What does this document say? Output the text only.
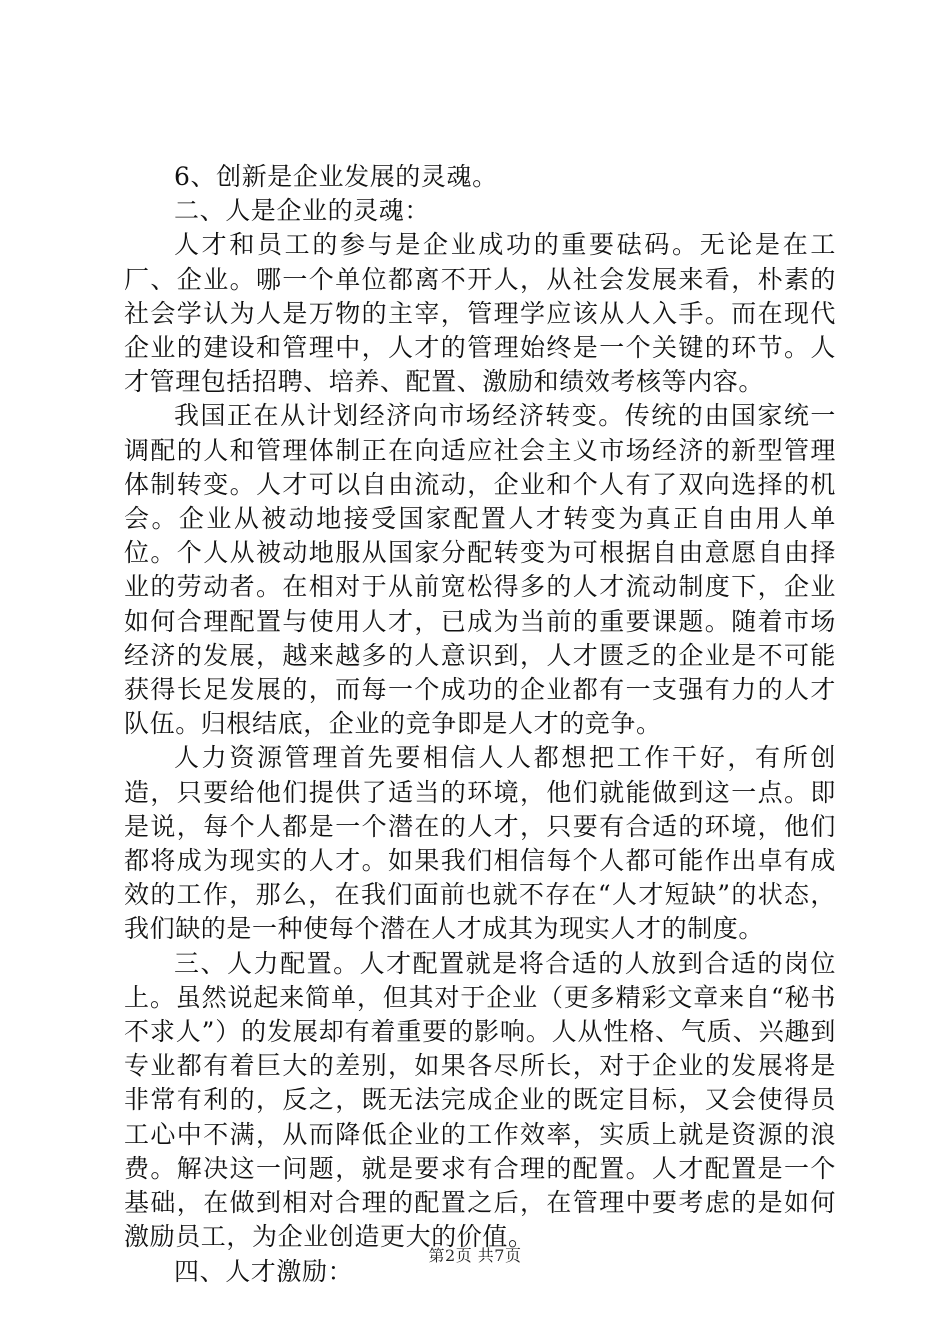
6、创新是企业发展的灵魂。

二、人是企业的灵魂：

人才和员工的参与是企业成功的重要砝码。无论是在工厂、企业。哪一个单位都离不开人，从社会发展来看，朴素的社会学认为人是万物的主宰，管理学应该从人入手。而在现代企业的建设和管理中，人才的管理始终是一个关键的环节。人才管理包括招聘、培养、配置、激励和绩效考核等内容。

我国正在从计划经济向市场经济转变。传统的由国家统一调配的人和管理体制正在向适应社会主义市场经济的新型管理体制转变。人才可以自由流动，企业和个人有了双向选择的机会。企业从被动地接受国家配置人才转变为真正自由用人单位。个人从被动地服从国家分配转变为可根据自由意愿自由择业的劳动者。在相对于从前宽松得多的人才流动制度下，企业如何合理配置与使用人才，已成为当前的重要课题。随着市场经济的发展，越来越多的人意识到，人才匮乏的企业是不可能获得长足发展的，而每一个成功的企业都有一支强有力的人才队伍。归根结底，企业的竞争即是人才的竞争。

人力资源管理首先要相信人人都想把工作干好，有所创造，只要给他们提供了适当的环境，他们就能做到这一点。即是说，每个人都是一个潜在的人才，只要有合适的环境，他们都将成为现实的人才。如果我们相信每个人都可能作出卓有成效的工作，那么，在我们面前也就不存在“人才短缺”的状态，我们缺的是一种使每个潜在人才成其为现实人才的制度。

三、人力配置。人才配置就是将合适的人放到合适的岗位上。虽然说起来简单，但其对于企业（更多精彩文章来自“秘书不求人”）的发展却有着重要的影响。人从性格、气质、兴趣到专业都有着巨大的差别，如果各尽所长，对于企业的发展将是非常有利的，反之，既无法完成企业的既定目标，又会使得员工心中不满，从而降低企业的工作效率，实质上就是资源的浪费。解决这一问题，就是要求有合理的配置。人才配置是一个基础，在做到相对合理的配置之后，在管理中要考虑的是如何激励员工，为企业创造更大的价值。

四、人才激励：

第2页 共7页
